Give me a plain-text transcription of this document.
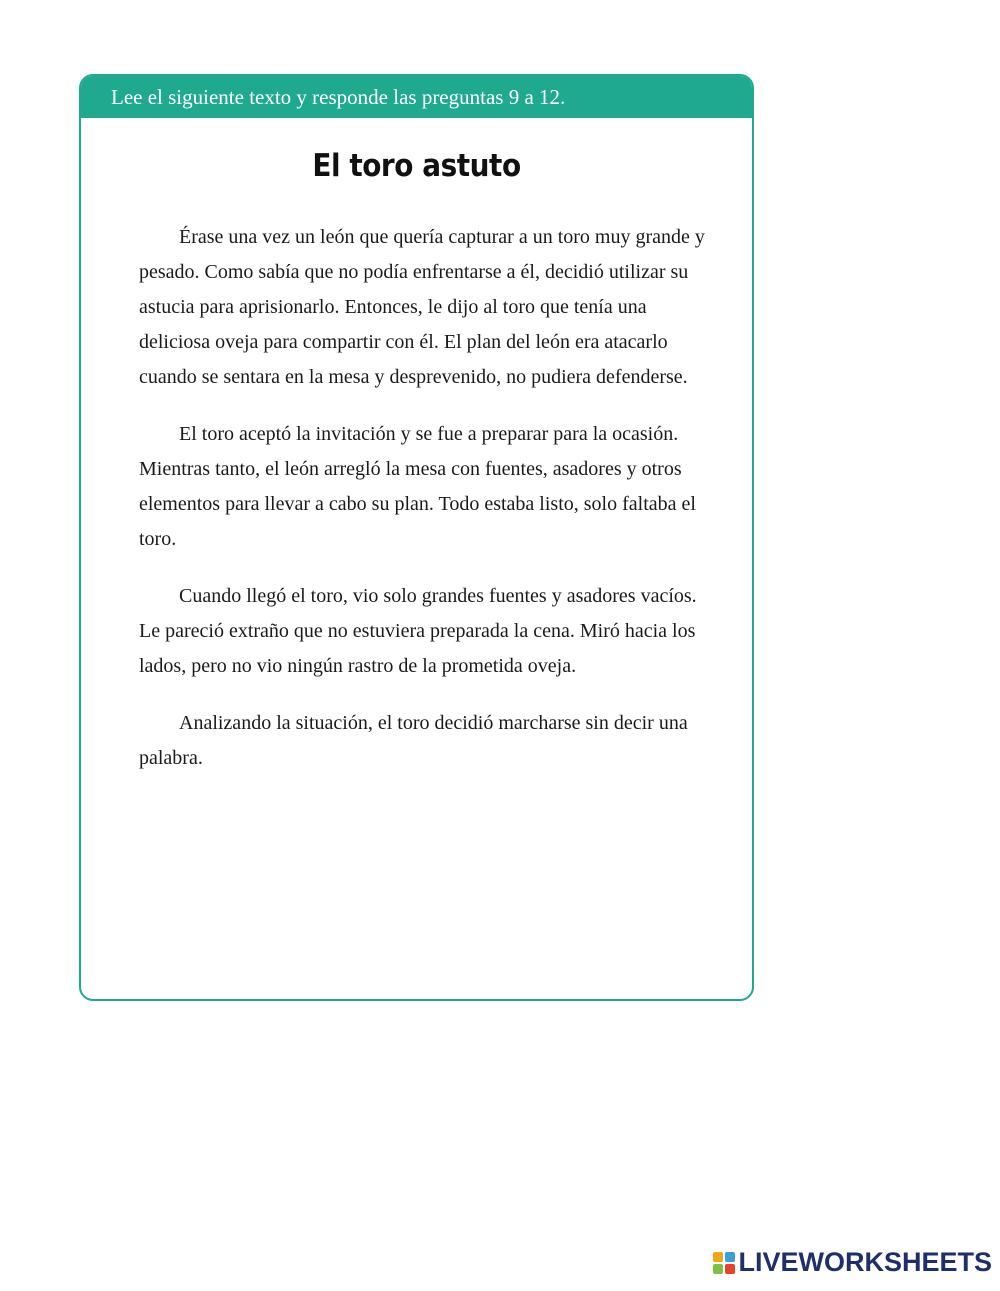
Lee el siguiente texto y responde las preguntas 9 a 12.
El toro astuto

Érase una vez un león que quería capturar a un toro muy grande y pesado. Como sabía que no podía enfrentarse a él, decidió utilizar su astucia para aprisionarlo. Entonces, le dijo al toro que tenía una deliciosa oveja para compartir con él. El plan del león era atacarlo cuando se sentara en la mesa y desprevenido, no pudiera defenderse.

El toro aceptó la invitación y se fue a preparar para la ocasión. Mientras tanto, el león arregló la mesa con fuentes, asadores y otros elementos para llevar a cabo su plan. Todo estaba listo, solo faltaba el toro.

Cuando llegó el toro, vio solo grandes fuentes y asadores vacíos. Le pareció extraño que no estuviera preparada la cena. Miró hacia los lados, pero no vio ningún rastro de la prometida oveja.

Analizando la situación, el toro decidió marcharse sin decir una palabra.

LIVEWORKSHEETS
